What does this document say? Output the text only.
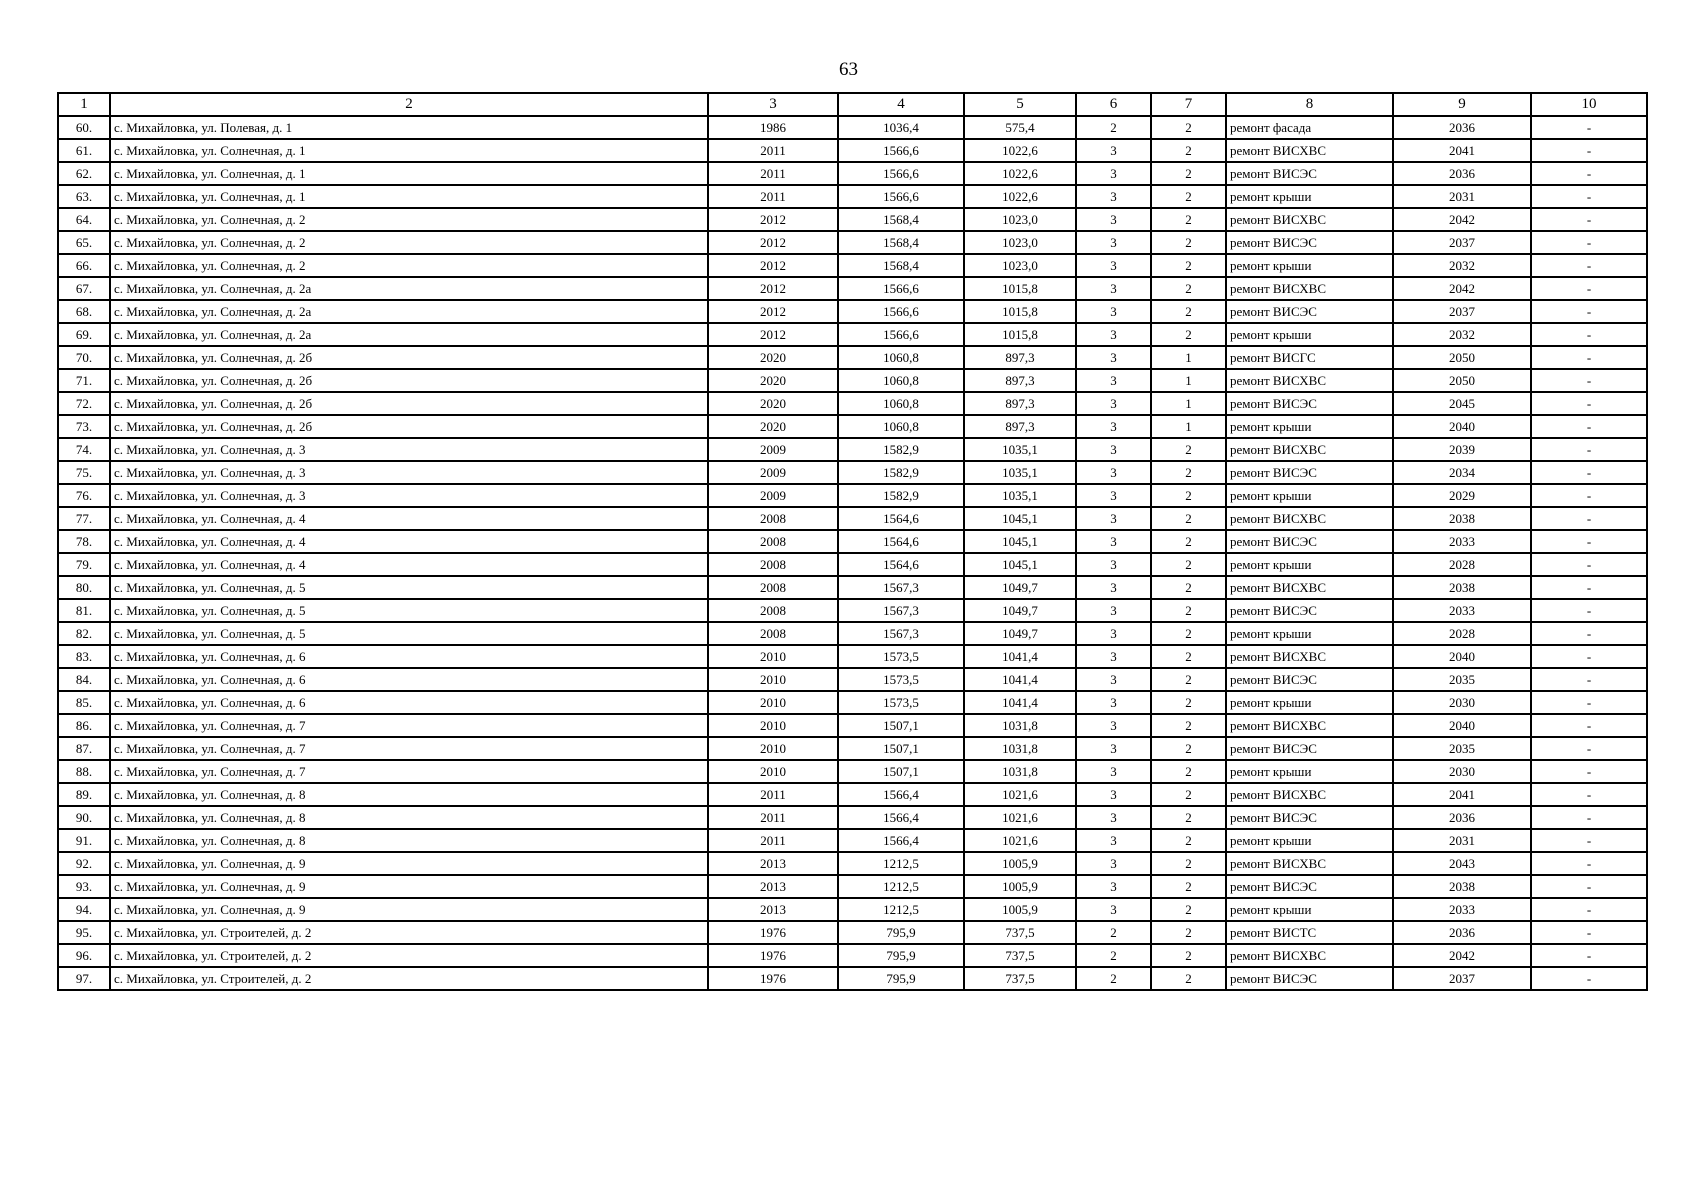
63
1	2	3	4	5	6	7	8	9	10
60.	с. Михайловка, ул. Полевая, д. 1	1986	1036,4	575,4	2	2	ремонт фасада	2036	-
61.	с. Михайловка, ул. Солнечная, д. 1	2011	1566,6	1022,6	3	2	ремонт ВИСХВС	2041	-
62.	с. Михайловка, ул. Солнечная, д. 1	2011	1566,6	1022,6	3	2	ремонт ВИСЭС	2036	-
63.	с. Михайловка, ул. Солнечная, д. 1	2011	1566,6	1022,6	3	2	ремонт крыши	2031	-
64.	с. Михайловка, ул. Солнечная, д. 2	2012	1568,4	1023,0	3	2	ремонт ВИСХВС	2042	-
65.	с. Михайловка, ул. Солнечная, д. 2	2012	1568,4	1023,0	3	2	ремонт ВИСЭС	2037	-
66.	с. Михайловка, ул. Солнечная, д. 2	2012	1568,4	1023,0	3	2	ремонт крыши	2032	-
67.	с. Михайловка, ул. Солнечная, д. 2а	2012	1566,6	1015,8	3	2	ремонт ВИСХВС	2042	-
68.	с. Михайловка, ул. Солнечная, д. 2а	2012	1566,6	1015,8	3	2	ремонт ВИСЭС	2037	-
69.	с. Михайловка, ул. Солнечная, д. 2а	2012	1566,6	1015,8	3	2	ремонт крыши	2032	-
70.	с. Михайловка, ул. Солнечная, д. 2б	2020	1060,8	897,3	3	1	ремонт ВИСГС	2050	-
71.	с. Михайловка, ул. Солнечная, д. 2б	2020	1060,8	897,3	3	1	ремонт ВИСХВС	2050	-
72.	с. Михайловка, ул. Солнечная, д. 2б	2020	1060,8	897,3	3	1	ремонт ВИСЭС	2045	-
73.	с. Михайловка, ул. Солнечная, д. 2б	2020	1060,8	897,3	3	1	ремонт крыши	2040	-
74.	с. Михайловка, ул. Солнечная, д. 3	2009	1582,9	1035,1	3	2	ремонт ВИСХВС	2039	-
75.	с. Михайловка, ул. Солнечная, д. 3	2009	1582,9	1035,1	3	2	ремонт ВИСЭС	2034	-
76.	с. Михайловка, ул. Солнечная, д. 3	2009	1582,9	1035,1	3	2	ремонт крыши	2029	-
77.	с. Михайловка, ул. Солнечная, д. 4	2008	1564,6	1045,1	3	2	ремонт ВИСХВС	2038	-
78.	с. Михайловка, ул. Солнечная, д. 4	2008	1564,6	1045,1	3	2	ремонт ВИСЭС	2033	-
79.	с. Михайловка, ул. Солнечная, д. 4	2008	1564,6	1045,1	3	2	ремонт крыши	2028	-
80.	с. Михайловка, ул. Солнечная, д. 5	2008	1567,3	1049,7	3	2	ремонт ВИСХВС	2038	-
81.	с. Михайловка, ул. Солнечная, д. 5	2008	1567,3	1049,7	3	2	ремонт ВИСЭС	2033	-
82.	с. Михайловка, ул. Солнечная, д. 5	2008	1567,3	1049,7	3	2	ремонт крыши	2028	-
83.	с. Михайловка, ул. Солнечная, д. 6	2010	1573,5	1041,4	3	2	ремонт ВИСХВС	2040	-
84.	с. Михайловка, ул. Солнечная, д. 6	2010	1573,5	1041,4	3	2	ремонт ВИСЭС	2035	-
85.	с. Михайловка, ул. Солнечная, д. 6	2010	1573,5	1041,4	3	2	ремонт крыши	2030	-
86.	с. Михайловка, ул. Солнечная, д. 7	2010	1507,1	1031,8	3	2	ремонт ВИСХВС	2040	-
87.	с. Михайловка, ул. Солнечная, д. 7	2010	1507,1	1031,8	3	2	ремонт ВИСЭС	2035	-
88.	с. Михайловка, ул. Солнечная, д. 7	2010	1507,1	1031,8	3	2	ремонт крыши	2030	-
89.	с. Михайловка, ул. Солнечная, д. 8	2011	1566,4	1021,6	3	2	ремонт ВИСХВС	2041	-
90.	с. Михайловка, ул. Солнечная, д. 8	2011	1566,4	1021,6	3	2	ремонт ВИСЭС	2036	-
91.	с. Михайловка, ул. Солнечная, д. 8	2011	1566,4	1021,6	3	2	ремонт крыши	2031	-
92.	с. Михайловка, ул. Солнечная, д. 9	2013	1212,5	1005,9	3	2	ремонт ВИСХВС	2043	-
93.	с. Михайловка, ул. Солнечная, д. 9	2013	1212,5	1005,9	3	2	ремонт ВИСЭС	2038	-
94.	с. Михайловка, ул. Солнечная, д. 9	2013	1212,5	1005,9	3	2	ремонт крыши	2033	-
95.	с. Михайловка, ул. Строителей, д. 2	1976	795,9	737,5	2	2	ремонт ВИСТС	2036	-
96.	с. Михайловка, ул. Строителей, д. 2	1976	795,9	737,5	2	2	ремонт ВИСХВС	2042	-
97.	с. Михайловка, ул. Строителей, д. 2	1976	795,9	737,5	2	2	ремонт ВИСЭС	2037	-
